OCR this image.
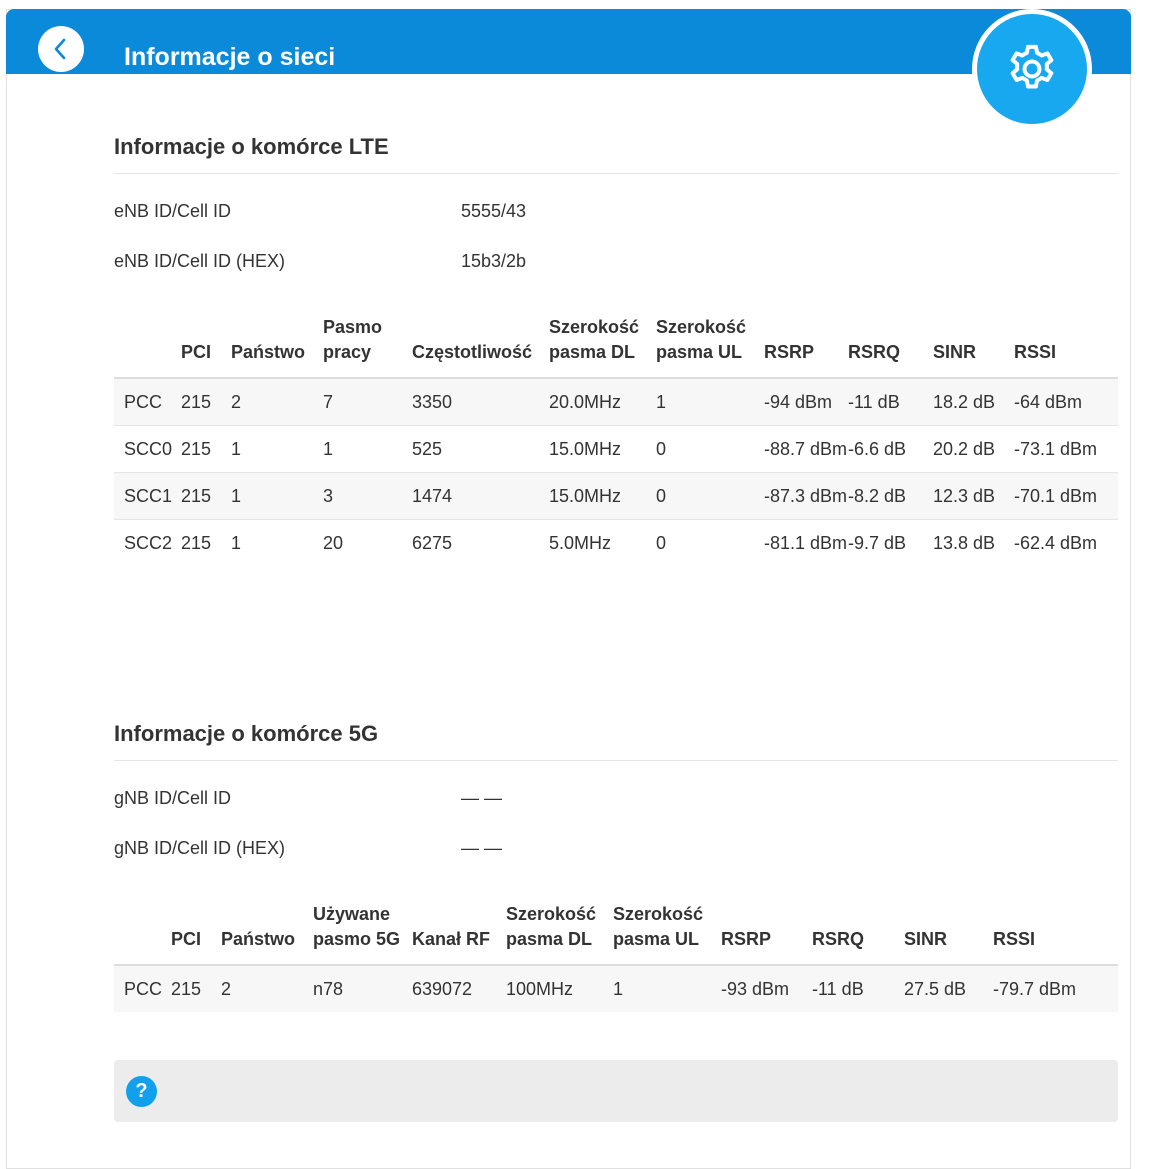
Informacje o sieci
Informacje o komórce LTE
eNB ID/Cell ID	5555/43
eNB ID/Cell ID (HEX)	15b3/2b
	PCI	Państwo	Pasmo pracy	Częstotliwość	Szerokość pasma DL	Szerokość pasma UL	RSRP	RSRQ	SINR	RSSI
PCC	215	2	7	3350	20.0MHz	1	-94 dBm	-11 dB	18.2 dB	-64 dBm
SCC0	215	1	1	525	15.0MHz	0	-88.7 dBm	-6.6 dB	20.2 dB	-73.1 dBm
SCC1	215	1	3	1474	15.0MHz	0	-87.3 dBm	-8.2 dB	12.3 dB	-70.1 dBm
SCC2	215	1	20	6275	5.0MHz	0	-81.1 dBm	-9.7 dB	13.8 dB	-62.4 dBm
Informacje o komórce 5G
gNB ID/Cell ID	— —
gNB ID/Cell ID (HEX)	— —
	PCI	Państwo	Używane pasmo 5G	Kanał RF	Szerokość pasma DL	Szerokość pasma UL	RSRP	RSRQ	SINR	RSSI
PCC	215	2	n78	639072	100MHz	1	-93 dBm	-11 dB	27.5 dB	-79.7 dBm
?
